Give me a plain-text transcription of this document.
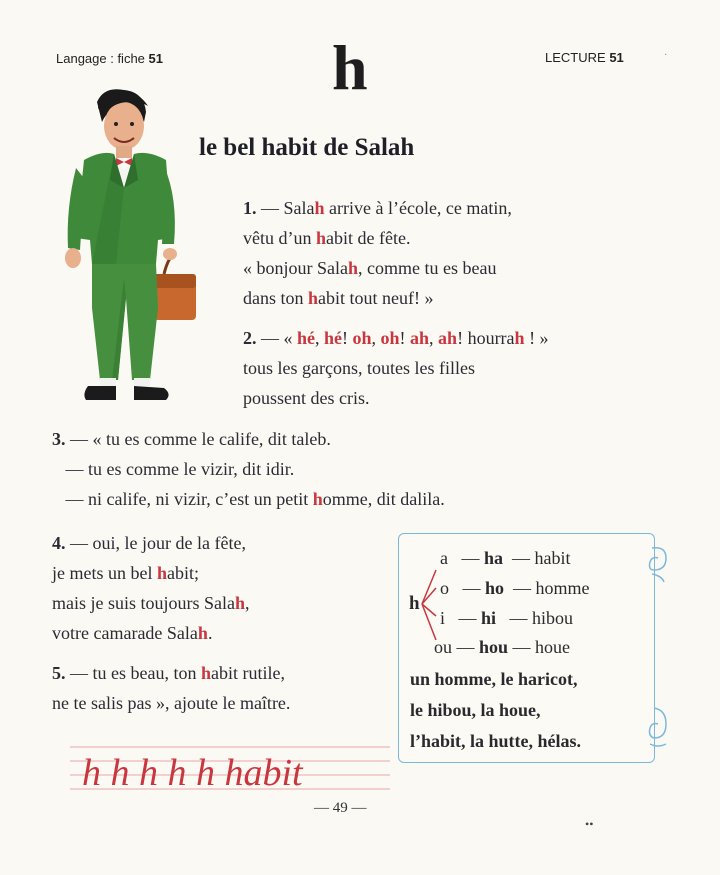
Langage : fiche 51	LECTURE 51	·
h
le bel habit de Salah
1. — Salah arrive à l’école, ce matin,
vêtu d’un habit de fête.
« bonjour Salah, comme tu es beau
dans ton habit tout neuf! »
2. — « hé, hé! oh, oh! ah, ah! hourrah ! »
tous les garçons, toutes les filles
poussent des cris.
3. — « tu es comme le calife, dit taleb.
— tu es comme le vizir, dit idir.
— ni calife, ni vizir, c’est un petit homme, dit dalila.
4. — oui, le jour de la fête,
je mets un bel habit;
mais je suis toujours Salah,
votre camarade Salah.
5. — tu es beau, ton habit rutile,
ne te salis pas », ajoute le maître.
h
a   — ha  — habit
o   — ho  — homme
i   — hi   — hibou
ou — hou — houe
un homme, le haricot,
le hibou, la houe,
l’habit, la hutte, hélas.
h h h h h habit
— 49 —
••
